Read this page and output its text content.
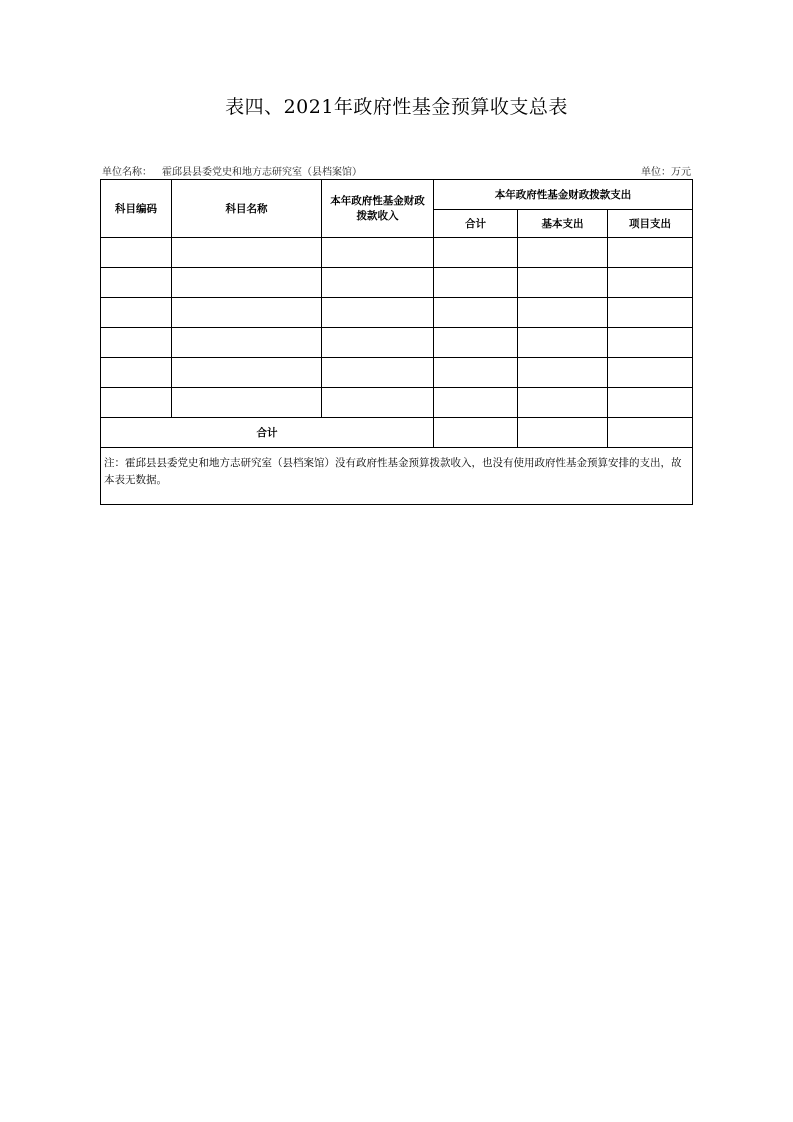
表四、2021年政府性基金预算收支总表
单位名称： 霍邱县县委党史和地方志研究室（县档案馆）	单位：万元
科目编码	科目名称	本年政府性基金财政拨款收入	本年政府性基金财政拨款支出		
			合计	基本支出	项目支出

合计					
注：霍邱县县委党史和地方志研究室（县档案馆）没有政府性基金预算拨款收入，也没有使用政府性基金预算安排的支出，故本表无数据。					
